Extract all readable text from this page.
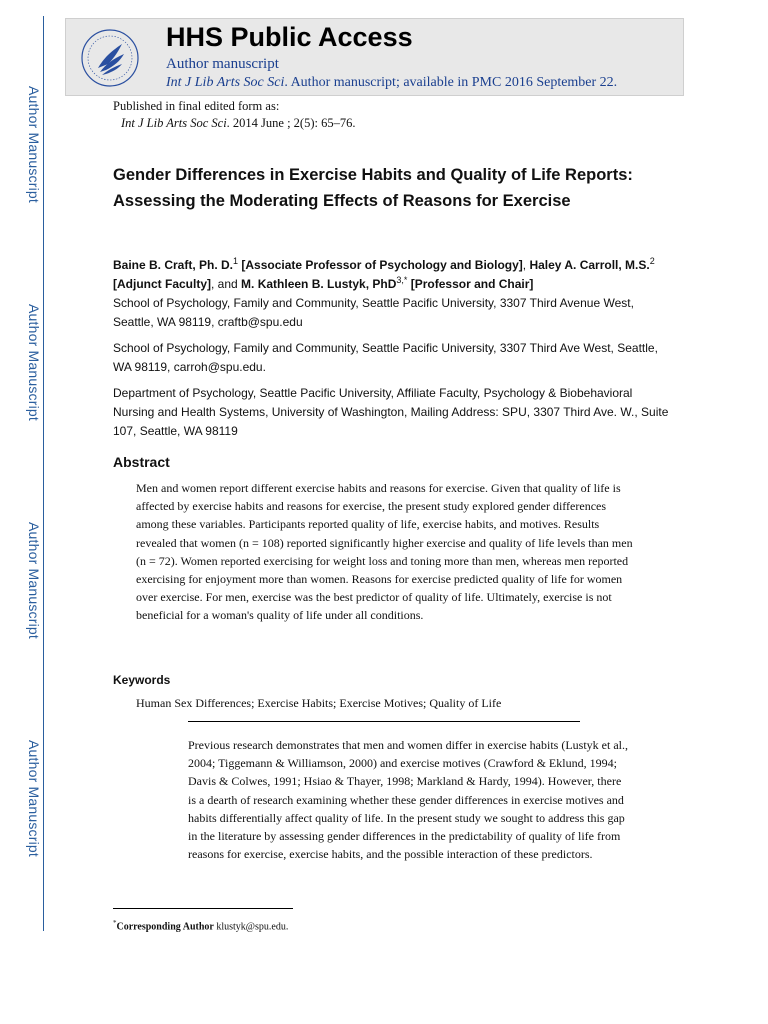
Author Manuscript
Author Manuscript
Author Manuscript
Author Manuscript
HHS Public Access
Author manuscript
Int J Lib Arts Soc Sci. Author manuscript; available in PMC 2016 September 22.
Published in final edited form as:
Int J Lib Arts Soc Sci. 2014 June ; 2(5): 65–76.
Gender Differences in Exercise Habits and Quality of Life Reports: Assessing the Moderating Effects of Reasons for Exercise
Baine B. Craft, Ph. D.$^1$ [Associate Professor of Psychology and Biology], Haley A. Carroll, M.S.$^2$ [Adjunct Faculty], and M. Kathleen B. Lustyk, PhD$^{3,*}$ [Professor and Chair]
School of Psychology, Family and Community, Seattle Pacific University, 3307 Third Avenue West, Seattle, WA 98119, craftb@spu.edu
School of Psychology, Family and Community, Seattle Pacific University, 3307 Third Ave West, Seattle, WA 98119, carroh@spu.edu.
Department of Psychology, Seattle Pacific University, Affiliate Faculty, Psychology & Biobehavioral Nursing and Health Systems, University of Washington, Mailing Address: SPU, 3307 Third Ave. W., Suite 107, Seattle, WA 98119
Abstract
Men and women report different exercise habits and reasons for exercise. Given that quality of life is affected by exercise habits and reasons for exercise, the present study explored gender differences among these variables. Participants reported quality of life, exercise habits, and motives. Results revealed that women (n = 108) reported significantly higher exercise and quality of life levels than men (n = 72). Women reported exercising for weight loss and toning more than men, whereas men reported exercising for enjoyment more than women. Reasons for exercise predicted quality of life for women over exercise. For men, exercise was the best predictor of quality of life. Ultimately, exercise is not beneficial for a woman's quality of life under all conditions.
Keywords
Human Sex Differences; Exercise Habits; Exercise Motives; Quality of Life
Previous research demonstrates that men and women differ in exercise habits (Lustyk et al., 2004; Tiggemann & Williamson, 2000) and exercise motives (Crawford & Eklund, 1994; Davis & Colwes, 1991; Hsiao & Thayer, 1998; Markland & Hardy, 1994). However, there is a dearth of research examining whether these gender differences in exercise motives and habits differentially affect quality of life. In the present study we sought to address this gap in the literature by assessing gender differences in the predictability of quality of life from reasons for exercise, exercise habits, and the possible interaction of these predictors.
*Corresponding Author klustyk@spu.edu.
